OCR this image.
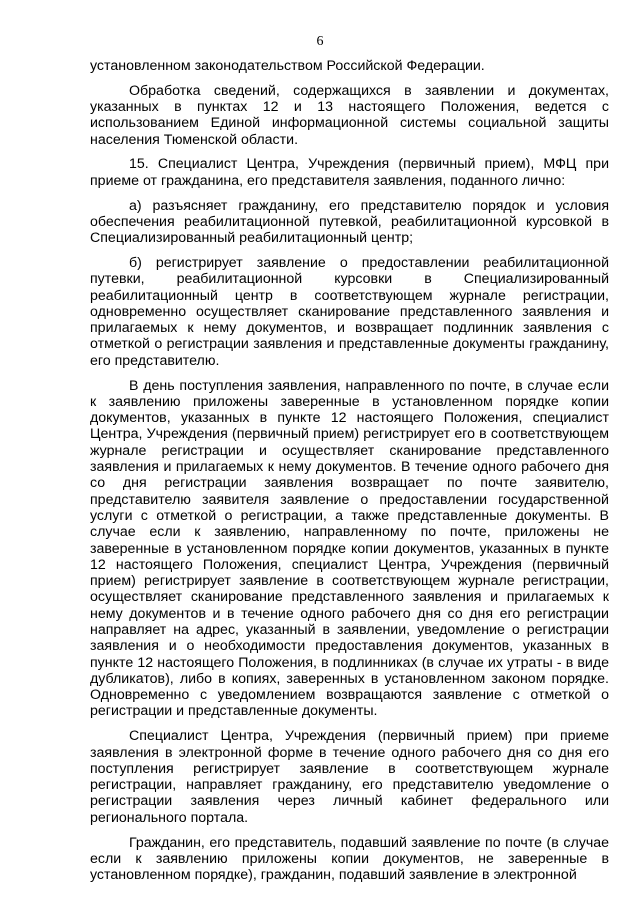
6

установленном законодательством Российской Федерации.

Обработка сведений, содержащихся в заявлении и документах, указанных в пунктах 12 и 13 настоящего Положения, ведется с использованием Единой информационной системы социальной защиты населения Тюменской области.

15. Специалист Центра, Учреждения (первичный прием), МФЦ при приеме от гражданина, его представителя заявления, поданного лично:

а) разъясняет гражданину, его представителю порядок и условия обеспечения реабилитационной путевкой, реабилитационной курсовкой в Специализированный реабилитационный центр;

б) регистрирует заявление о предоставлении реабилитационной путевки, реабилитационной курсовки в Специализированный реабилитационный центр в соответствующем журнале регистрации, одновременно осуществляет сканирование представленного заявления и прилагаемых к нему документов, и возвращает подлинник заявления с отметкой о регистрации заявления и представленные документы гражданину, его представителю.

В день поступления заявления, направленного по почте, в случае если к заявлению приложены заверенные в установленном порядке копии документов, указанных в пункте 12 настоящего Положения, специалист Центра, Учреждения (первичный прием) регистрирует его в соответствующем журнале регистрации и осуществляет сканирование представленного заявления и прилагаемых к нему документов. В течение одного рабочего дня со дня регистрации заявления возвращает по почте заявителю, представителю заявителя заявление о предоставлении государственной услуги с отметкой о регистрации, а также представленные документы. В случае если к заявлению, направленному по почте, приложены не заверенные в установленном порядке копии документов, указанных в пункте 12 настоящего Положения, специалист Центра, Учреждения (первичный прием) регистрирует заявление в соответствующем журнале регистрации, осуществляет сканирование представленного заявления и прилагаемых к нему документов и в течение одного рабочего дня со дня его регистрации направляет на адрес, указанный в заявлении, уведомление о регистрации заявления и о необходимости предоставления документов, указанных в пункте 12 настоящего Положения, в подлинниках (в случае их утраты - в виде дубликатов), либо в копиях, заверенных в установленном законом порядке. Одновременно с уведомлением возвращаются заявление с отметкой о регистрации и представленные документы.

Специалист Центра, Учреждения (первичный прием) при приеме заявления в электронной форме в течение одного рабочего дня со дня его поступления регистрирует заявление в соответствующем журнале регистрации, направляет гражданину, его представителю уведомление о регистрации заявления через личный кабинет федерального или регионального портала.

Гражданин, его представитель, подавший заявление по почте (в случае если к заявлению приложены копии документов, не заверенные в установленном порядке), гражданин, подавший заявление в электронной
